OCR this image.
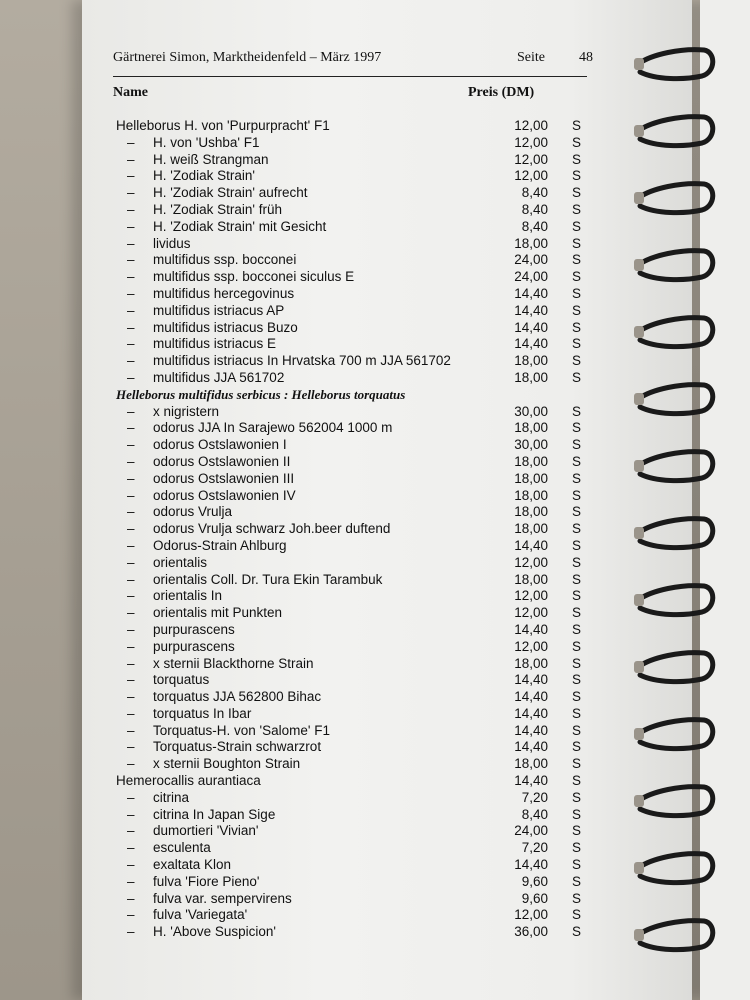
Gärtnerei Simon, Marktheidenfeld – März 1997	Seite 48
Name	Preis (DM)
Helleborus H. von 'Purpurpracht' F1	12,00 S
– H. von 'Ushba' F1	12,00 S
– H. weiß Strangman	12,00 S
– H. 'Zodiak Strain'	12,00 S
– H. 'Zodiak Strain' aufrecht	8,40 S
– H. 'Zodiak Strain' früh	8,40 S
– H. 'Zodiak Strain' mit Gesicht	8,40 S
– lividus	18,00 S
– multifidus ssp. bocconei	24,00 S
– multifidus ssp. bocconei siculus E	24,00 S
– multifidus hercegovinus	14,40 S
– multifidus istriacus AP	14,40 S
– multifidus istriacus Buzo	14,40 S
– multifidus istriacus E	14,40 S
– multifidus istriacus In Hrvatska 700 m JJA 561702	18,00 S
– multifidus JJA 561702	18,00 S
Helleborus multifidus serbicus : Helleborus torquatus
– x nigristern	30,00 S
– odorus JJA In Sarajewo 562004 1000 m	18,00 S
– odorus Ostslawonien I	30,00 S
– odorus Ostslawonien II	18,00 S
– odorus Ostslawonien III	18,00 S
– odorus Ostslawonien IV	18,00 S
– odorus Vrulja	18,00 S
– odorus Vrulja schwarz Joh.beer duftend	18,00 S
– Odorus-Strain Ahlburg	14,40 S
– orientalis	12,00 S
– orientalis Coll. Dr. Tura Ekin Tarambuk	18,00 S
– orientalis In	12,00 S
– orientalis mit Punkten	12,00 S
– purpurascens	14,40 S
– purpurascens	12,00 S
– x sternii Blackthorne Strain	18,00 S
– torquatus	14,40 S
– torquatus JJA 562800 Bihac	14,40 S
– torquatus In Ibar	14,40 S
– Torquatus-H. von 'Salome' F1	14,40 S
– Torquatus-Strain schwarzrot	14,40 S
– x sternii Boughton Strain	18,00 S
Hemerocallis aurantiaca	14,40 S
– citrina	7,20 S
– citrina In Japan Sige	8,40 S
– dumortieri 'Vivian'	24,00 S
– esculenta	7,20 S
– exaltata Klon	14,40 S
– fulva 'Fiore Pieno'	9,60 S
– fulva var. sempervirens	9,60 S
– fulva 'Variegata'	12,00 S
– H. 'Above Suspicion'	36,00 S
